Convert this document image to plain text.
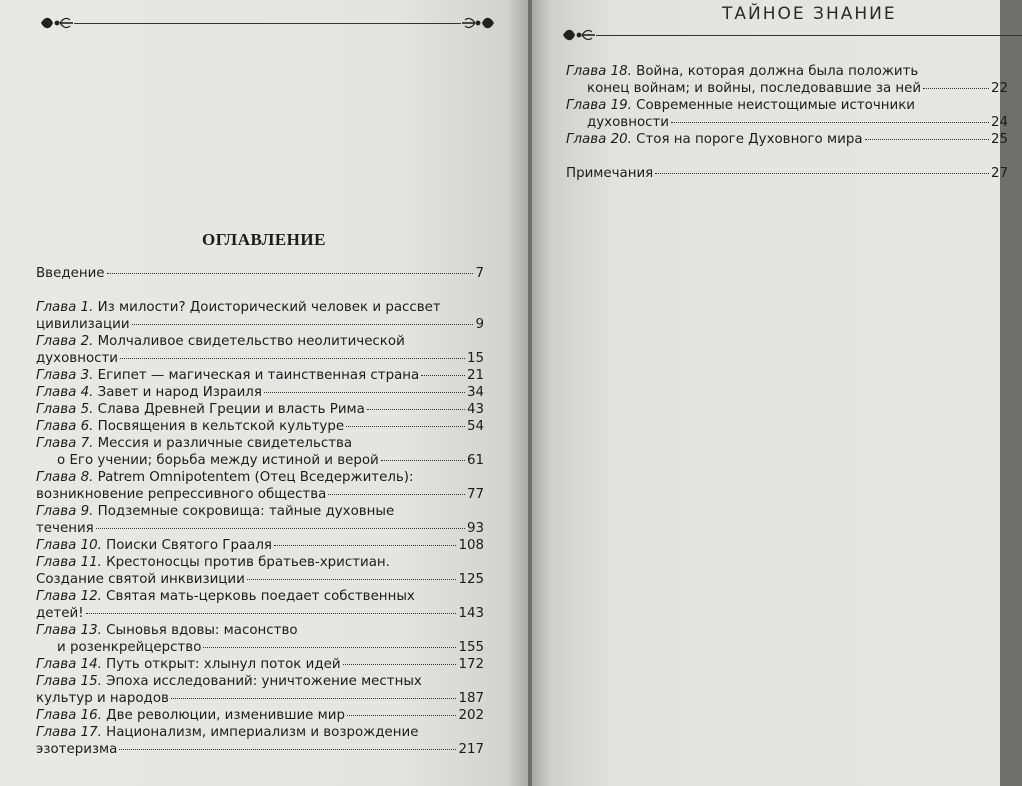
ОГЛАВЛЕНИЕ
Введение	7
Глава 1. Из милости? Доисторический человек и рассвет
цивилизации	9
Глава 2. Молчаливое свидетельство неолитической
духовности	15
Глава 3. Египет — магическая и таинственная страна	21
Глава 4. Завет и народ Израиля	34
Глава 5. Слава Древней Греции и власть Рима	43
Глава 6. Посвящения в кельтской культуре	54
Глава 7. Мессия и различные свидетельства
о Его учении; борьба между истиной и верой	61
Глава 8. Patrem Omnipotentem (Отец Вседержитель):
возникновение репрессивного общества	77
Глава 9. Подземные сокровища: тайные духовные
течения	93
Глава 10. Поиски Святого Грааля	108
Глава 11. Крестоносцы против братьев-христиан.
Создание святой инквизиции	125
Глава 12. Святая мать-церковь поедает собственных
детей!	143
Глава 13. Сыновья вдовы: масонство
и розенкрейцерство	155
Глава 14. Путь открыт: хлынул поток идей	172
Глава 15. Эпоха исследований: уничтожение местных
культур и народов	187
Глава 16. Две революции, изменившие мир	202
Глава 17. Национализм, империализм и возрождение
эзотеризма	217
ТАЙНОЕ ЗНАНИЕ
Глава 18. Война, которая должна была положить
конец войнам; и войны, последовавшие за ней	22
Глава 19. Современные неистощимые источники
духовности	24
Глава 20. Стоя на пороге Духовного мира	25
Примечания	27
